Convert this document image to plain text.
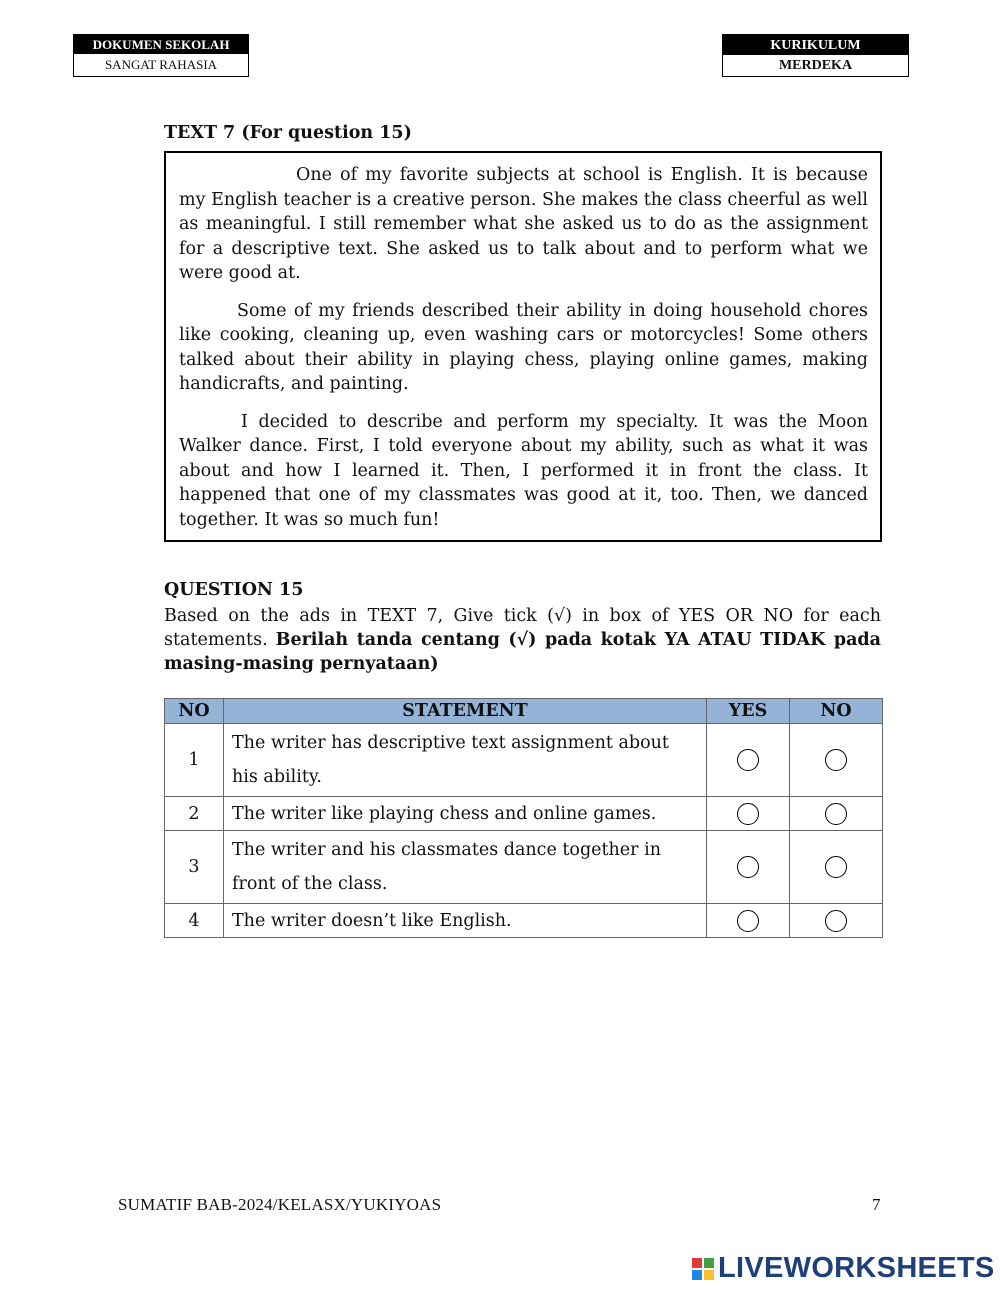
DOKUMEN SEKOLAH
SANGAT RAHASIA
KURIKULUM
MERDEKA
TEXT 7 (For question 15)

One of my favorite subjects at school is English. It is because my English teacher is a creative person. She makes the class cheerful as well as meaningful. I still remember what she asked us to do as the assignment for a descriptive text. She asked us to talk about and to perform what we were good at.

Some of my friends described their ability in doing household chores like cooking, cleaning up, even washing cars or motorcycles! Some others talked about their ability in playing chess, playing online games, making handicrafts, and painting.

I decided to describe and perform my specialty. It was the Moon Walker dance. First, I told everyone about my ability, such as what it was about and how I learned it. Then, I performed it in front the class. It happened that one of my classmates was good at it, too. Then, we danced together. It was so much fun!

QUESTION 15
Based on the ads in TEXT 7, Give tick (√) in box of YES OR NO for each statements. Berilah tanda centang (√) pada kotak YA ATAU TIDAK pada masing-masing pernyataan)
NO	STATEMENT	YES	NO
1	The writer has descriptive text assignment about his ability.		
2	The writer like playing chess and online games.		
3	The writer and his classmates dance together in front of the class.		
4	The writer doesn’t like English.		
SUMATIF BAB-2024/KELASX/YUKIYOAS	7
LIVEWORKSHEETS
